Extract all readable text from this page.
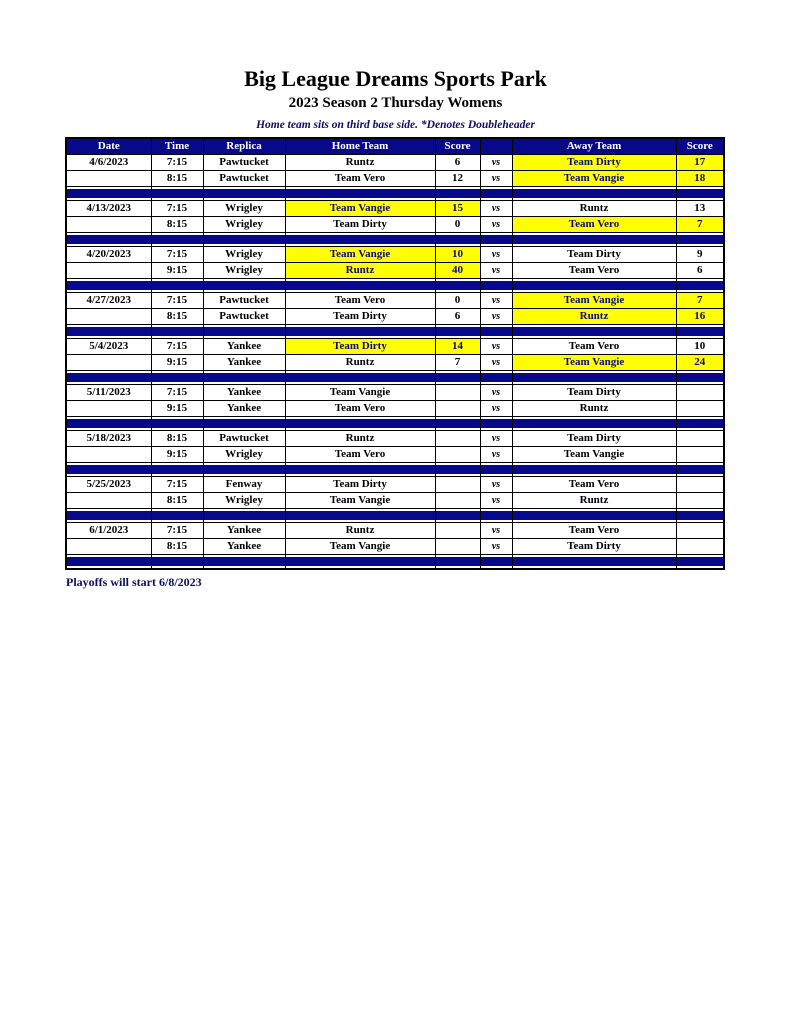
Big League Dreams Sports Park
2023 Season 2 Thursday Womens
Home team sits on third base side. *Denotes Doubleheader
Date	Time	Replica	Home Team	Score		Away Team	Score
4/6/2023	7:15	Pawtucket	Runtz	6	vs	Team Dirty	17
	8:15	Pawtucket	Team Vero	12	vs	Team Vangie	18

4/13/2023	7:15	Wrigley	Team Vangie	15	vs	Runtz	13
	8:15	Wrigley	Team Dirty	0	vs	Team Vero	7

4/20/2023	7:15	Wrigley	Team Vangie	10	vs	Team Dirty	9
	9:15	Wrigley	Runtz	40	vs	Team Vero	6

4/27/2023	7:15	Pawtucket	Team Vero	0	vs	Team Vangie	7
	8:15	Pawtucket	Team Dirty	6	vs	Runtz	16

5/4/2023	7:15	Yankee	Team Dirty	14	vs	Team Vero	10
	9:15	Yankee	Runtz	7	vs	Team Vangie	24

5/11/2023	7:15	Yankee	Team Vangie		vs	Team Dirty	
	9:15	Yankee	Team Vero		vs	Runtz	

5/18/2023	8:15	Pawtucket	Runtz		vs	Team Dirty	
	9:15	Wrigley	Team Vero		vs	Team Vangie	

5/25/2023	7:15	Fenway	Team Dirty		vs	Team Vero	
	8:15	Wrigley	Team Vangie		vs	Runtz	

6/1/2023	7:15	Yankee	Runtz		vs	Team Vero	
	8:15	Yankee	Team Vangie		vs	Team Dirty	

Playoffs will start 6/8/2023
